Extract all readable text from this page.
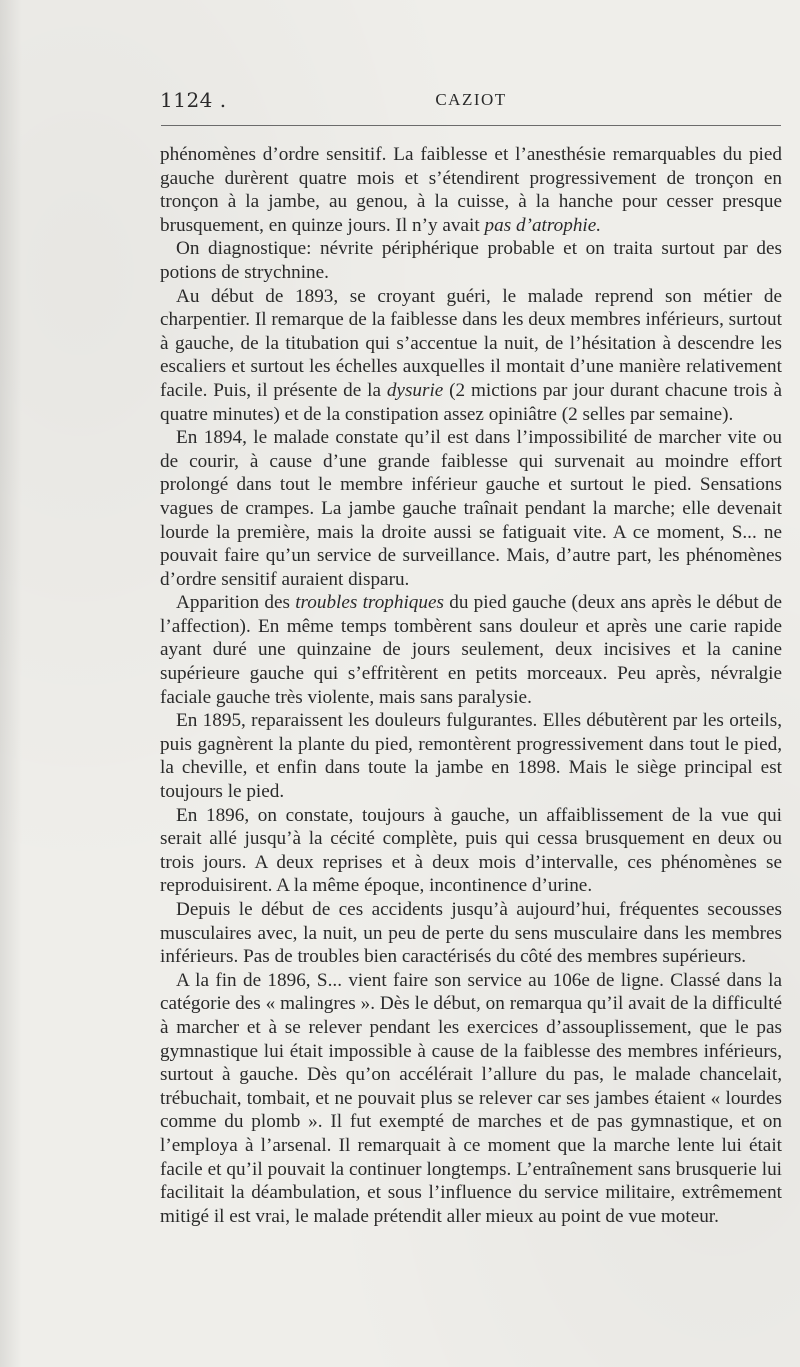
1124 .	CAZIOT

phénomènes d’ordre sensitif. La faiblesse et l’anesthésie remarquables du pied gauche durèrent quatre mois et s’étendirent progressivement de tronçon en tronçon à la jambe, au genou, à la cuisse, à la hanche pour cesser presque brusquement, en quinze jours. Il n’y avait pas d’atrophie.

On diagnostique: névrite périphérique probable et on traita surtout par des potions de strychnine.

Au début de 1893, se croyant guéri, le malade reprend son métier de charpentier. Il remarque de la faiblesse dans les deux membres inférieurs, surtout à gauche, de la titubation qui s’accentue la nuit, de l’hésitation à descendre les escaliers et surtout les échelles auxquelles il montait d’une manière relativement facile. Puis, il présente de la dysurie (2 mictions par jour durant chacune trois à quatre minutes) et de la constipation assez opiniâtre (2 selles par semaine).

En 1894, le malade constate qu’il est dans l’impossibilité de marcher vite ou de courir, à cause d’une grande faiblesse qui survenait au moindre effort prolongé dans tout le membre inférieur gauche et surtout le pied. Sensations vagues de crampes. La jambe gauche traînait pendant la marche; elle devenait lourde la première, mais la droite aussi se fatiguait vite. A ce moment, S... ne pouvait faire qu’un service de surveillance. Mais, d’autre part, les phénomènes d’ordre sensitif auraient disparu.

Apparition des troubles trophiques du pied gauche (deux ans après le début de l’affection). En même temps tombèrent sans douleur et après une carie rapide ayant duré une quinzaine de jours seulement, deux incisives et la canine supérieure gauche qui s’effritèrent en petits morceaux. Peu après, névralgie faciale gauche très violente, mais sans paralysie.

En 1895, reparaissent les douleurs fulgurantes. Elles débutèrent par les orteils, puis gagnèrent la plante du pied, remontèrent progressivement dans tout le pied, la cheville, et enfin dans toute la jambe en 1898. Mais le siège principal est toujours le pied.

En 1896, on constate, toujours à gauche, un affaiblissement de la vue qui serait allé jusqu’à la cécité complète, puis qui cessa brusquement en deux ou trois jours. A deux reprises et à deux mois d’intervalle, ces phénomènes se reproduisirent. A la même époque, incontinence d’urine.

Depuis le début de ces accidents jusqu’à aujourd’hui, fréquentes secousses musculaires avec, la nuit, un peu de perte du sens musculaire dans les membres inférieurs. Pas de troubles bien caractérisés du côté des membres supérieurs.

A la fin de 1896, S... vient faire son service au 106e de ligne. Classé dans la catégorie des « malingres ». Dès le début, on remarqua qu’il avait de la difficulté à marcher et à se relever pendant les exercices d’assouplissement, que le pas gymnastique lui était impossible à cause de la faiblesse des membres inférieurs, surtout à gauche. Dès qu’on accélérait l’allure du pas, le malade chancelait, trébuchait, tombait, et ne pouvait plus se relever car ses jambes étaient « lourdes comme du plomb ». Il fut exempté de marches et de pas gymnastique, et on l’employa à l’arsenal. Il remarquait à ce moment que la marche lente lui était facile et qu’il pouvait la continuer longtemps. L’entraînement sans brusquerie lui facilitait la déambulation, et sous l’influence du service militaire, extrêmement mitigé il est vrai, le malade prétendit aller mieux au point de vue moteur.
